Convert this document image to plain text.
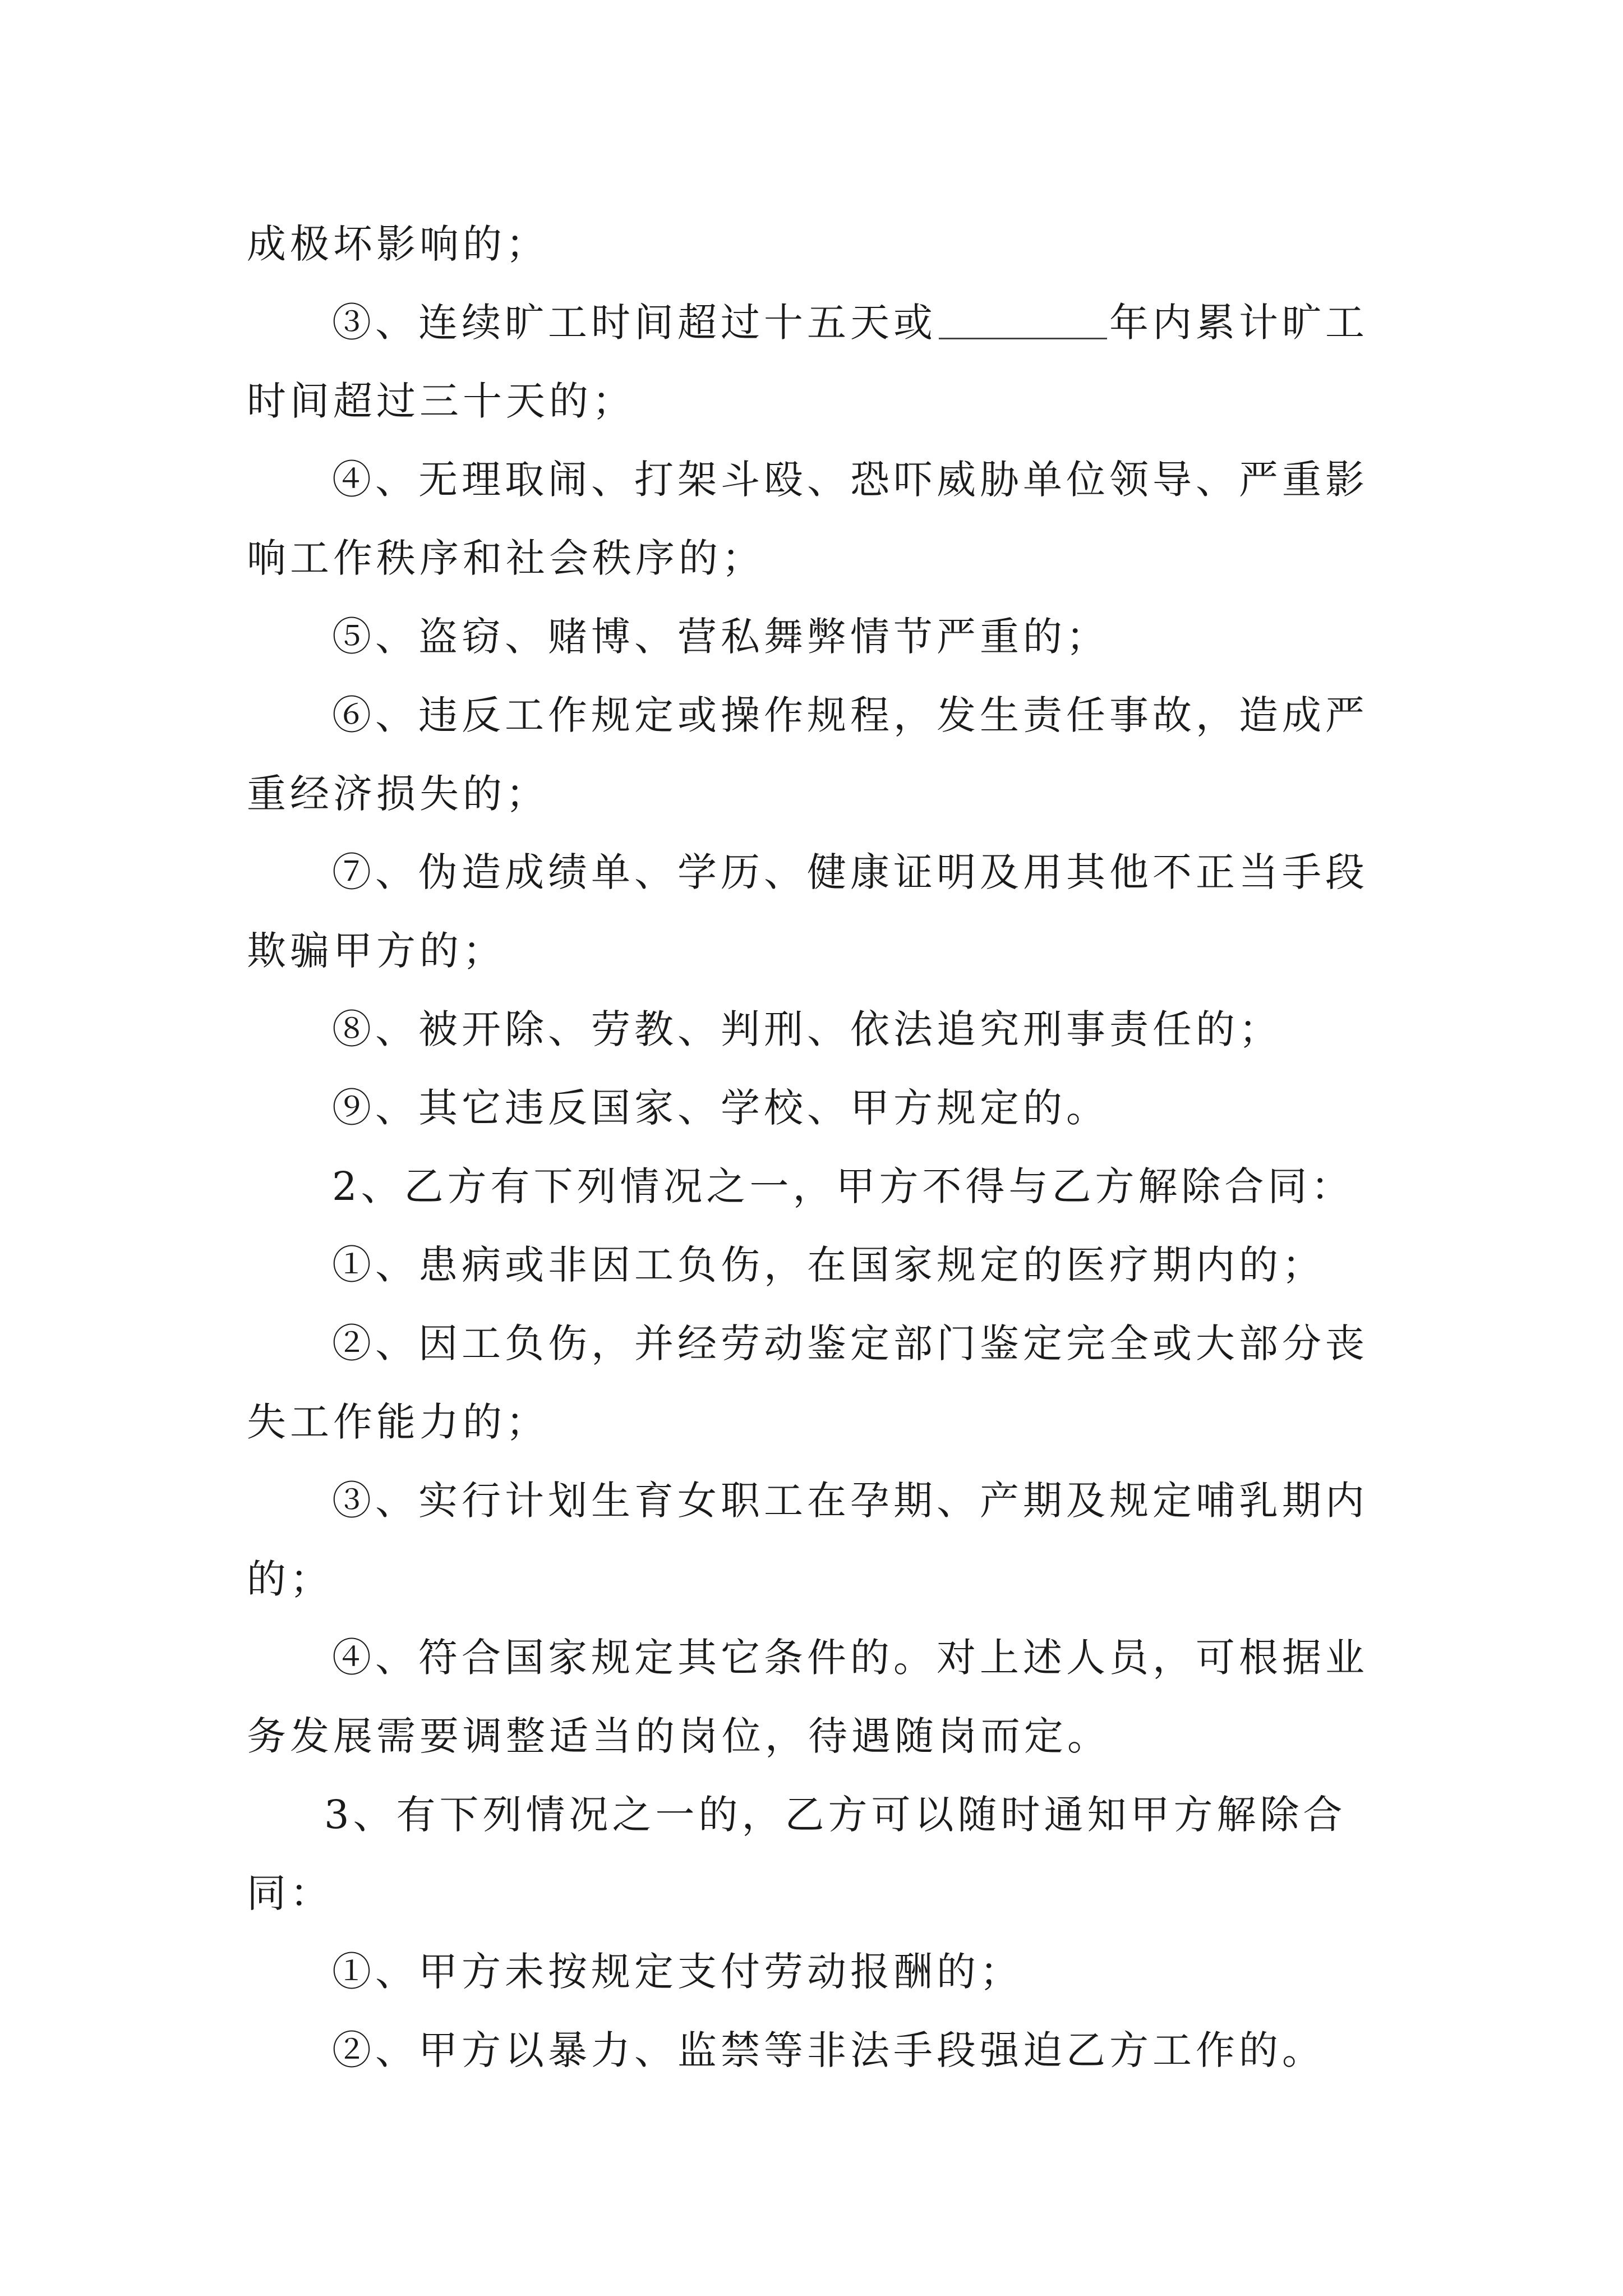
成极坏影响的；
③、连续旷工时间超过十五天或	年内累计旷工
时间超过三十天的；
④、无理取闹、打架斗殴、恐吓威胁单位领导、严重影
响工作秩序和社会秩序的；
⑤、盗窃、赌博、营私舞弊情节严重的；
⑥、违反工作规定或操作规程，发生责任事故，造成严
重经济损失的；
⑦、伪造成绩单、学历、健康证明及用其他不正当手段
欺骗甲方的；
⑧、被开除、劳教、判刑、依法追究刑事责任的；
⑨、其它违反国家、学校、甲方规定的。
2、乙方有下列情况之一，甲方不得与乙方解除合同：
①、患病或非因工负伤，在国家规定的医疗期内的；
②、因工负伤，并经劳动鉴定部门鉴定完全或大部分丧
失工作能力的；
③、实行计划生育女职工在孕期、产期及规定哺乳期内
的；
④、符合国家规定其它条件的。对上述人员，可根据业
务发展需要调整适当的岗位，待遇随岗而定。
3、有下列情况之一的，乙方可以随时通知甲方解除合
同：
①、甲方未按规定支付劳动报酬的；
②、甲方以暴力、监禁等非法手段强迫乙方工作的。
